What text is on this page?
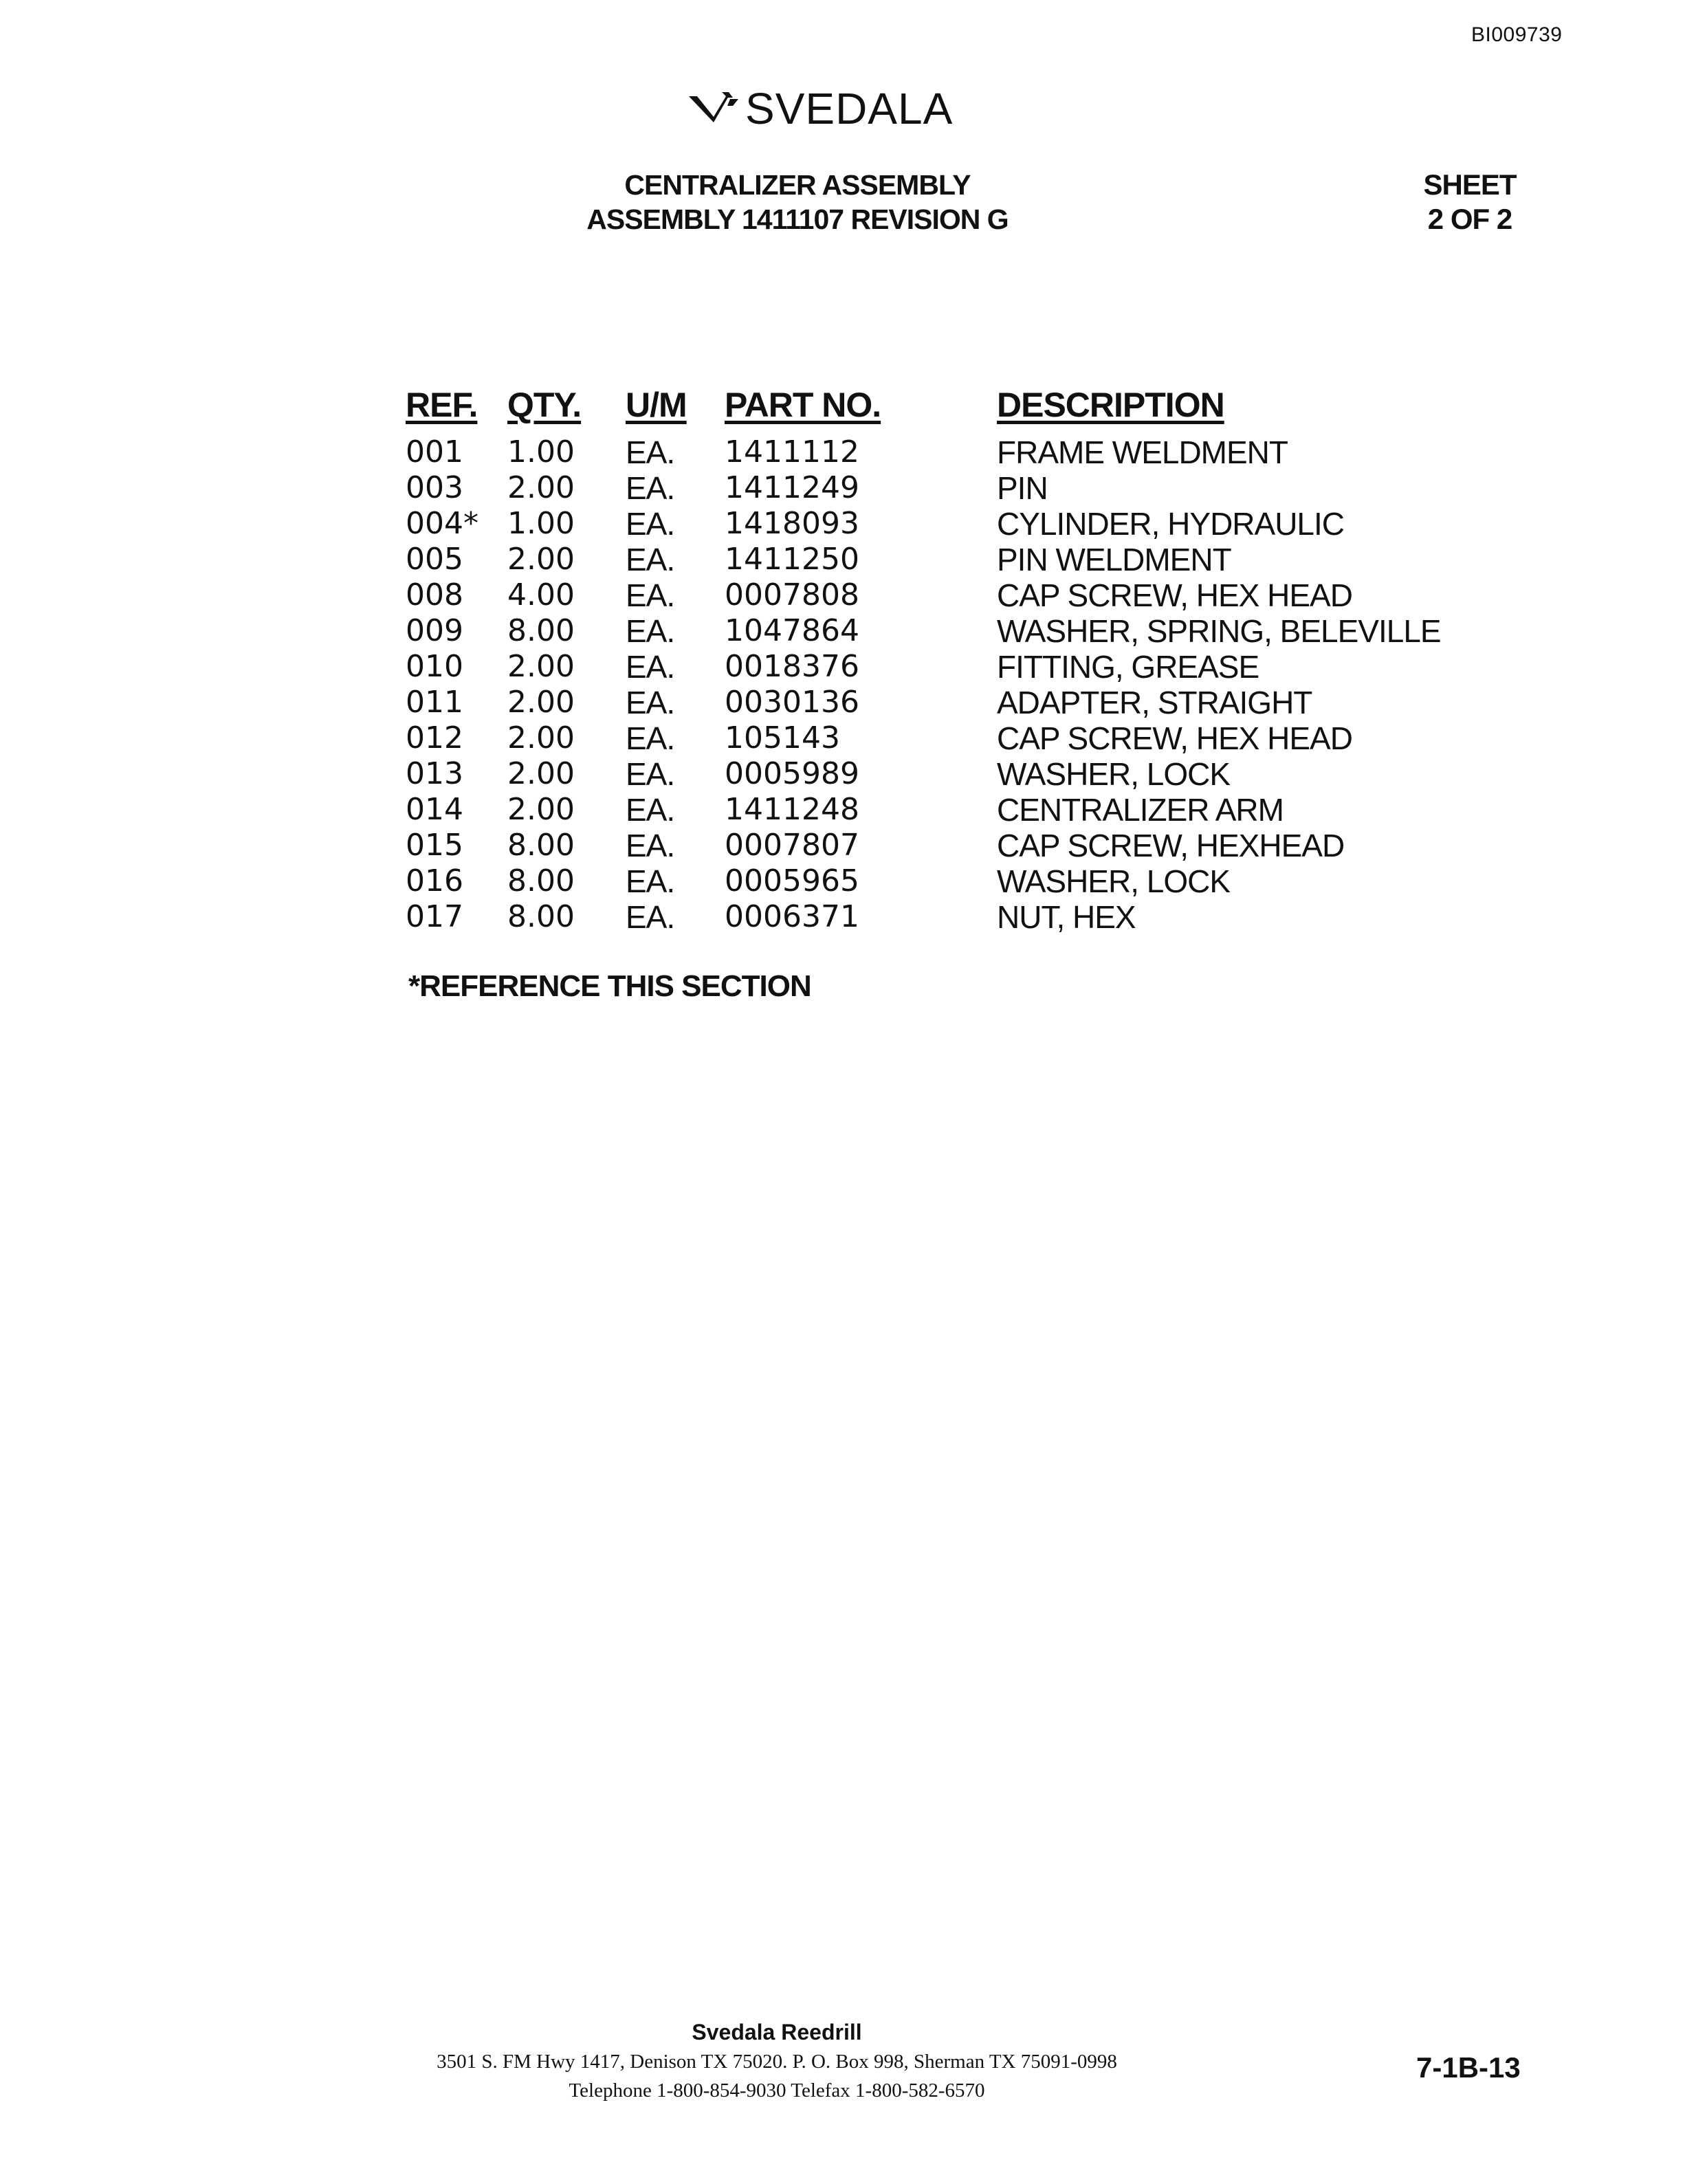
BI009739
SVEDALA
CENTRALIZER ASSEMBLY
ASSEMBLY 1411107 REVISION G
SHEET
2 OF 2
REF. QTY. U/M PART NO.	DESCRIPTION
001 1.00 EA. 1411112	FRAME WELDMENT
003 2.00 EA. 1411249	PIN
004* 1.00 EA. 1418093	CYLINDER, HYDRAULIC
005 2.00 EA. 1411250	PIN WELDMENT
008 4.00 EA. 0007808	CAP SCREW, HEX HEAD
009 8.00 EA. 1047864	WASHER, SPRING, BELEVILLE
010 2.00 EA. 0018376	FITTING, GREASE
011 2.00 EA. 0030136	ADAPTER, STRAIGHT
012 2.00 EA. 105143	CAP SCREW, HEX HEAD
013 2.00 EA. 0005989	WASHER, LOCK
014 2.00 EA. 1411248	CENTRALIZER ARM
015 8.00 EA. 0007807	CAP SCREW, HEXHEAD
016 8.00 EA. 0005965	WASHER, LOCK
017 8.00 EA. 0006371	NUT, HEX
*REFERENCE THIS SECTION
Svedala Reedrill
3501 S. FM Hwy 1417, Denison TX 75020. P. O. Box 998, Sherman TX 75091-0998
Telephone 1-800-854-9030 Telefax 1-800-582-6570
7-1B-13
